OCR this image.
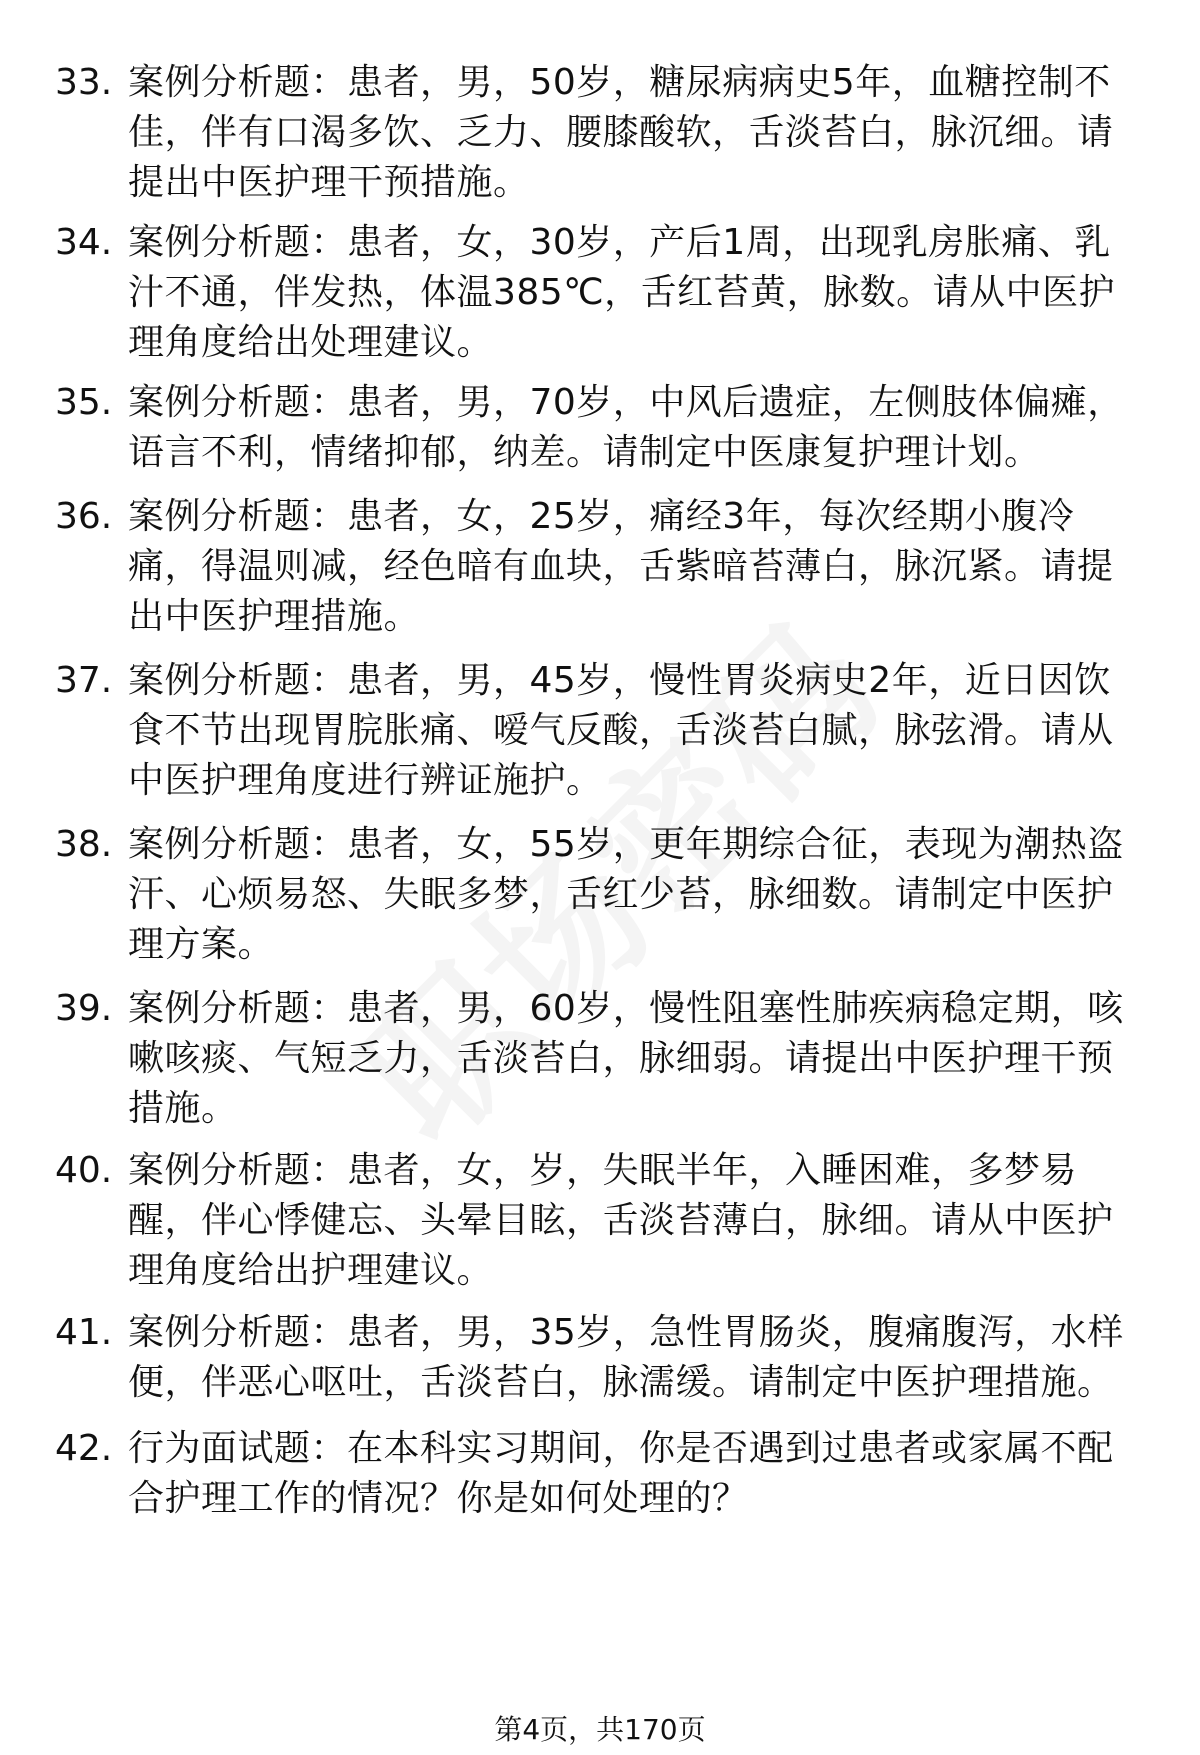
33. 案例分析题：患者，男，50岁，糖尿病病史5年，血糖控制不佳，伴有口渴多饮、乏力、腰膝酸软，舌淡苔白，脉沉细。请提出中医护理干预措施。
34. 案例分析题：患者，女，30岁，产后1周，出现乳房胀痛、乳汁不通，伴发热，体温385℃，舌红苔黄，脉数。请从中医护理角度给出处理建议。
35. 案例分析题：患者，男，70岁，中风后遗症，左侧肢体偏瘫，语言不利，情绪抑郁，纳差。请制定中医康复护理计划。
36. 案例分析题：患者，女，25岁，痛经3年，每次经期小腹冷痛，得温则减，经色暗有血块，舌紫暗苔薄白，脉沉紧。请提出中医护理措施。
37. 案例分析题：患者，男，45岁，慢性胃炎病史2年，近日因饮食不节出现胃脘胀痛、嗳气反酸，舌淡苔白腻，脉弦滑。请从中医护理角度进行辨证施护。
38. 案例分析题：患者，女，55岁，更年期综合征，表现为潮热盗汗、心烦易怒、失眠多梦，舌红少苔，脉细数。请制定中医护理方案。
39. 案例分析题：患者，男，60岁，慢性阻塞性肺疾病稳定期，咳嗽咳痰、气短乏力，舌淡苔白，脉细弱。请提出中医护理干预措施。
40. 案例分析题：患者，女，岁，失眠半年，入睡困难，多梦易醒，伴心悸健忘、头晕目眩，舌淡苔薄白，脉细。请从中医护理角度给出护理建议。
41. 案例分析题：患者，男，35岁，急性胃肠炎，腹痛腹泻，水样便，伴恶心呕吐，舌淡苔白，脉濡缓。请制定中医护理措施。
42. 行为面试题：在本科实习期间，你是否遇到过患者或家属不配合护理工作的情况？你是如何处理的？
第4页，共170页
